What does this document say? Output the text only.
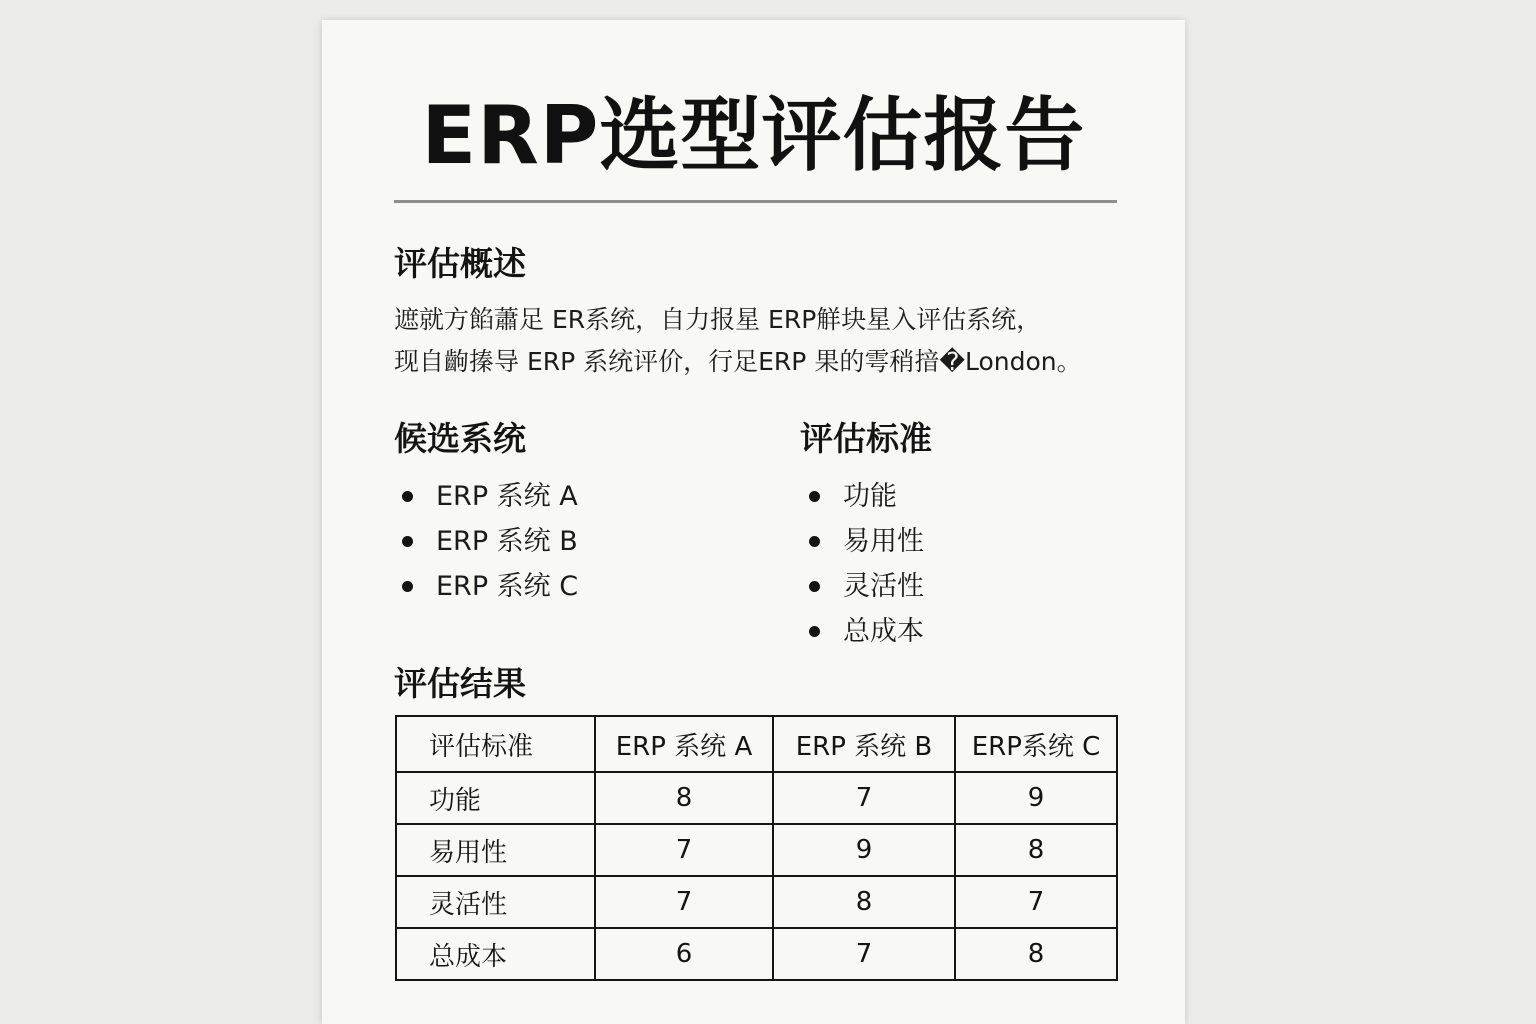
ERP选型评估报告
评估概述
遮就方餡蕭足 ER系统，自力报星 ERP觧块星入评估系统，
现自齣搸导 ERP 系统评价，行足ERP 果的雩稍揞�London。
候选系统
ERP 系统 A
ERP 系统 B
ERP 系统 C
评估标准
功能
易用性
灵活性
总成本
评估结果
评估标准	ERP 系统 A	ERP 系统 B	ERP系统 C
功能	8	7	9
易用性	7	9	8
灵活性	7	8	7
总成本	6	7	8
